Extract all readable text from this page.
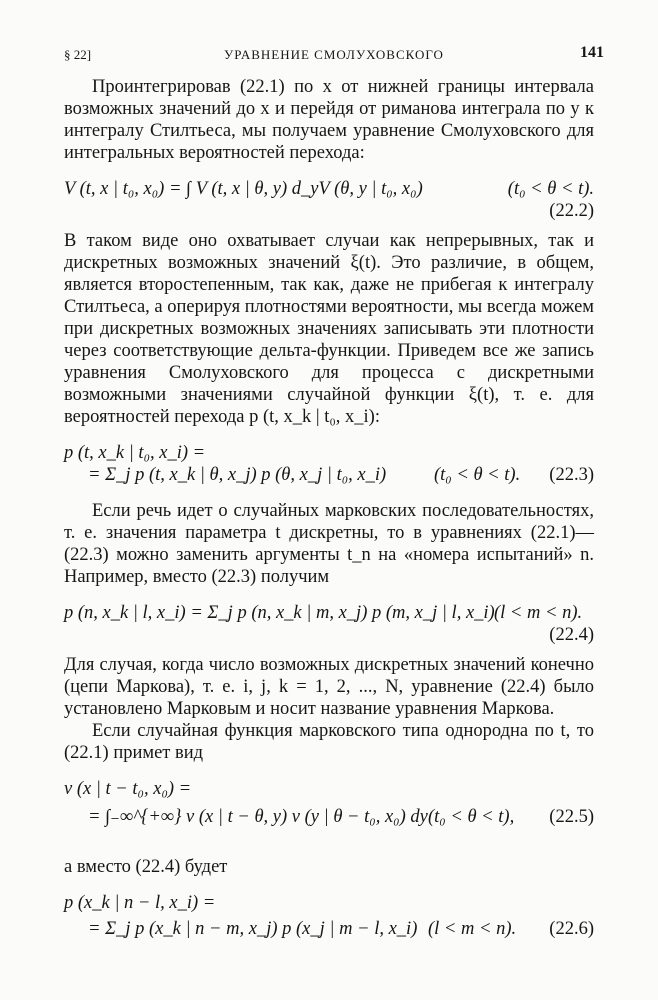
§ 22]	УРАВНЕНИЕ СМОЛУХОВСКОГО	141

Проинтегрировав (22.1) по x от нижней границы интервала возможных значений до x и перейдя от риманова интеграла по y к интегралу Стилтьеса, мы получаем уравнение Смолуховского для интегральных вероятностей перехода:

V (t, x | t₀, x₀) = ∫ V (t, x | θ, y) d_yV (θ, y | t₀, x₀)	(t₀ < θ < t).
(22.2)

В таком виде оно охватывает случаи как непрерывных, так и дискретных возможных значений ξ(t). Это различие, в общем, является второстепенным, так как, даже не прибегая к интегралу Стилтьеса, а оперируя плотностями вероятности, мы всегда можем при дискретных возможных значениях записывать эти плотности через соответствующие дельта-функции. Приведем все же запись уравнения Смолуховского для процесса с дискретными возможными значениями случайной функции ξ(t), т. е. для вероятностей перехода p (t, x_k | t₀, x_i):

p (t, x_k | t₀, x_i) =
= Σ_j p (t, x_k | θ, x_j) p (θ, x_j | t₀, x_i)	(t₀ < θ < t). (22.3)

Если речь идет о случайных марковских последовательностях, т. е. значения параметра t дискретны, то в уравнениях (22.1)—(22.3) можно заменить аргументы t_n на «номера испытаний» n. Например, вместо (22.3) получим

p (n, x_k | l, x_i) = Σ_j p (n, x_k | m, x_j) p (m, x_j | l, x_i) (l < m < n).
(22.4)

Для случая, когда число возможных дискретных значений конечно (цепи Маркова), т. е. i, j, k = 1, 2, ..., N, уравнение (22.4) было установлено Марковым и носит название уравнения Маркова.

Если случайная функция марковского типа однородна по t, то (22.1) примет вид

v (x | t − t₀, x₀) =
= ∫₋∞^{+∞} v (x | t − θ, y) v (y | θ − t₀, x₀) dy (t₀ < θ < t), (22.5)

а вместо (22.4) будет

p (x_k | n − l, x_i) =
= Σ_j p (x_k | n − m, x_j) p (x_j | m − l, x_i) (l < m < n). (22.6)
